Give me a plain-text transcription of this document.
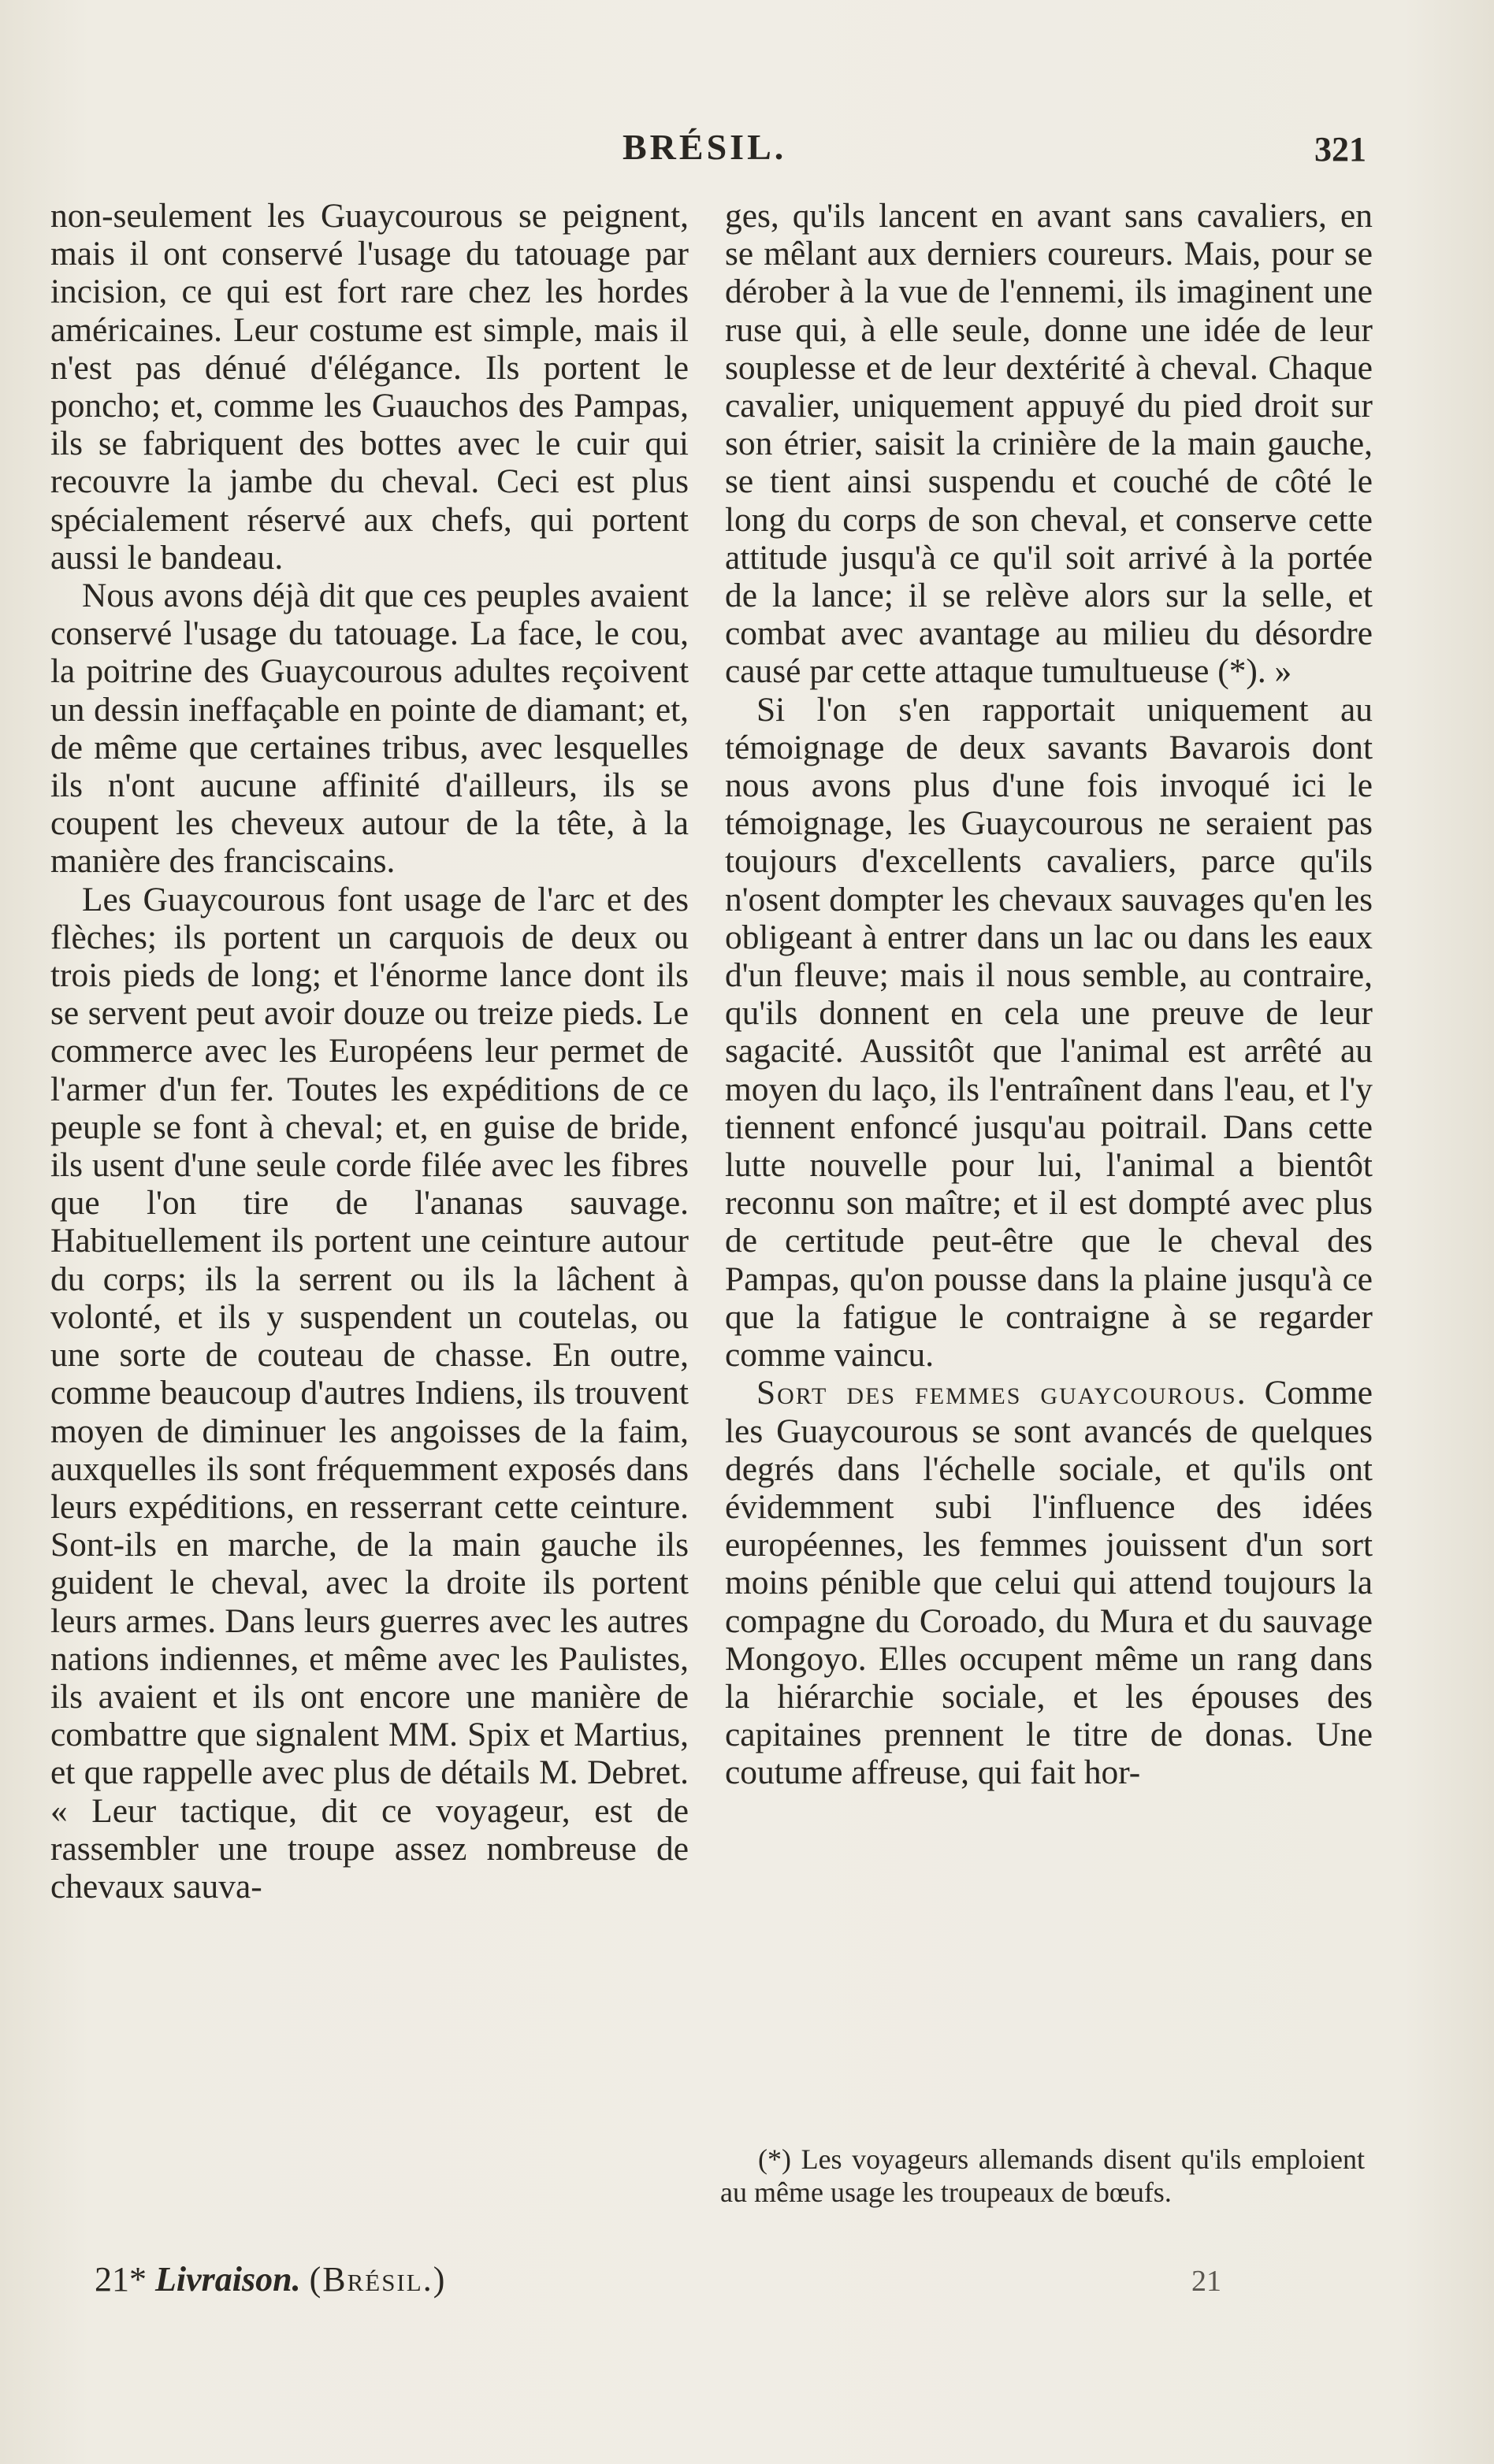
BRÉSIL.	321

non-seulement les Guaycourous se peignent, mais il ont conservé l'usage du tatouage par incision, ce qui est fort rare chez les hordes américaines. Leur costume est simple, mais il n'est pas dénué d'élégance. Ils portent le poncho; et, comme les Guauchos des Pampas, ils se fabriquent des bottes avec le cuir qui recouvre la jambe du cheval. Ceci est plus spécialement réservé aux chefs, qui portent aussi le bandeau.

Nous avons déjà dit que ces peuples avaient conservé l'usage du tatouage. La face, le cou, la poitrine des Guaycourous adultes reçoivent un dessin ineffaçable en pointe de diamant; et, de même que certaines tribus, avec lesquelles ils n'ont aucune affinité d'ailleurs, ils se coupent les cheveux autour de la tête, à la manière des franciscains.

Les Guaycourous font usage de l'arc et des flèches; ils portent un carquois de deux ou trois pieds de long; et l'énorme lance dont ils se servent peut avoir douze ou treize pieds. Le commerce avec les Européens leur permet de l'armer d'un fer. Toutes les expéditions de ce peuple se font à cheval; et, en guise de bride, ils usent d'une seule corde filée avec les fibres que l'on tire de l'ananas sauvage. Habituellement ils portent une ceinture autour du corps; ils la serrent ou ils la lâchent à volonté, et ils y suspendent un coutelas, ou une sorte de couteau de chasse. En outre, comme beaucoup d'autres Indiens, ils trouvent moyen de diminuer les angoisses de la faim, auxquelles ils sont fréquemment exposés dans leurs expéditions, en resserrant cette ceinture. Sont-ils en marche, de la main gauche ils guident le cheval, avec la droite ils portent leurs armes. Dans leurs guerres avec les autres nations indiennes, et même avec les Paulistes, ils avaient et ils ont encore une manière de combattre que signalent MM. Spix et Martius, et que rappelle avec plus de détails M. Debret. « Leur tactique, dit ce voyageur, est de rassembler une troupe assez nombreuse de chevaux sauva-

ges, qu'ils lancent en avant sans cavaliers, en se mêlant aux derniers coureurs. Mais, pour se dérober à la vue de l'ennemi, ils imaginent une ruse qui, à elle seule, donne une idée de leur souplesse et de leur dextérité à cheval. Chaque cavalier, uniquement appuyé du pied droit sur son étrier, saisit la crinière de la main gauche, se tient ainsi suspendu et couché de côté le long du corps de son cheval, et conserve cette attitude jusqu'à ce qu'il soit arrivé à la portée de la lance; il se relève alors sur la selle, et combat avec avantage au milieu du désordre causé par cette attaque tumultueuse (*). »

Si l'on s'en rapportait uniquement au témoignage de deux savants Bavarois dont nous avons plus d'une fois invoqué ici le témoignage, les Guaycourous ne seraient pas toujours d'excellents cavaliers, parce qu'ils n'osent dompter les chevaux sauvages qu'en les obligeant à entrer dans un lac ou dans les eaux d'un fleuve; mais il nous semble, au contraire, qu'ils donnent en cela une preuve de leur sagacité. Aussitôt que l'animal est arrêté au moyen du laço, ils l'entraînent dans l'eau, et l'y tiennent enfoncé jusqu'au poitrail. Dans cette lutte nouvelle pour lui, l'animal a bientôt reconnu son maître; et il est dompté avec plus de certitude peut-être que le cheval des Pampas, qu'on pousse dans la plaine jusqu'à ce que la fatigue le contraigne à se regarder comme vaincu.

Sort des femmes guaycourous. Comme les Guaycourous se sont avancés de quelques degrés dans l'échelle sociale, et qu'ils ont évidemment subi l'influence des idées européennes, les femmes jouissent d'un sort moins pénible que celui qui attend toujours la compagne du Coroado, du Mura et du sauvage Mongoyo. Elles occupent même un rang dans la hiérarchie sociale, et les épouses des capitaines prennent le titre de donas. Une coutume affreuse, qui fait hor-

(*) Les voyageurs allemands disent qu'ils emploient au même usage les troupeaux de bœufs.
21* Livraison. (Brésil.)	21
